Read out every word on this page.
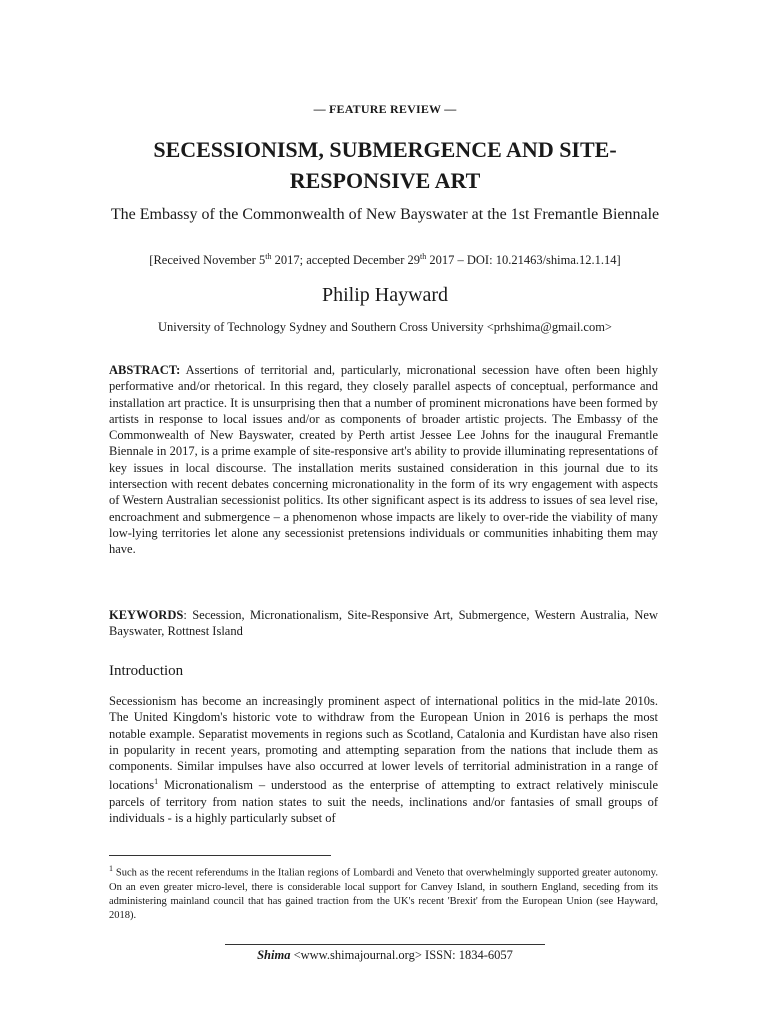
— FEATURE REVIEW —
SECESSIONISM, SUBMERGENCE AND SITE-RESPONSIVE ART
The Embassy of the Commonwealth of New Bayswater at the 1st Fremantle Biennale
[Received November 5th 2017; accepted December 29th 2017 – DOI: 10.21463/shima.12.1.14]
Philip Hayward
University of Technology Sydney and Southern Cross University <prhshima@gmail.com>

ABSTRACT: Assertions of territorial and, particularly, micronational secession have often been highly performative and/or rhetorical. In this regard, they closely parallel aspects of conceptual, performance and installation art practice. It is unsurprising then that a number of prominent micronations have been formed by artists in response to local issues and/or as components of broader artistic projects. The Embassy of the Commonwealth of New Bayswater, created by Perth artist Jessee Lee Johns for the inaugural Fremantle Biennale in 2017, is a prime example of site-responsive art's ability to provide illuminating representations of key issues in local discourse. The installation merits sustained consideration in this journal due to its intersection with recent debates concerning micronationality in the form of its wry engagement with aspects of Western Australian secessionist politics. Its other significant aspect is its address to issues of sea level rise, encroachment and submergence – a phenomenon whose impacts are likely to over-ride the viability of many low-lying territories let alone any secessionist pretensions individuals or communities inhabiting them may have.

KEYWORDS: Secession, Micronationalism, Site-Responsive Art, Submergence, Western Australia, New Bayswater, Rottnest Island

Introduction

Secessionism has become an increasingly prominent aspect of international politics in the mid-late 2010s. The United Kingdom's historic vote to withdraw from the European Union in 2016 is perhaps the most notable example. Separatist movements in regions such as Scotland, Catalonia and Kurdistan have also risen in popularity in recent years, promoting and attempting separation from the nations that include them as components. Similar impulses have also occurred at lower levels of territorial administration in a range of locations$^1$ Micronationalism – understood as the enterprise of attempting to extract relatively miniscule parcels of territory from nation states to suit the needs, inclinations and/or fantasies of small groups of individuals - is a highly particularly subset of

$^1$ Such as the recent referendums in the Italian regions of Lombardi and Veneto that overwhelmingly supported greater autonomy. On an even greater micro-level, there is considerable local support for Canvey Island, in southern England, seceding from its administering mainland council that has gained traction from the UK's recent 'Brexit' from the European Union (see Hayward, 2018).

Shima <www.shimajournal.org> ISSN: 1834-6057
